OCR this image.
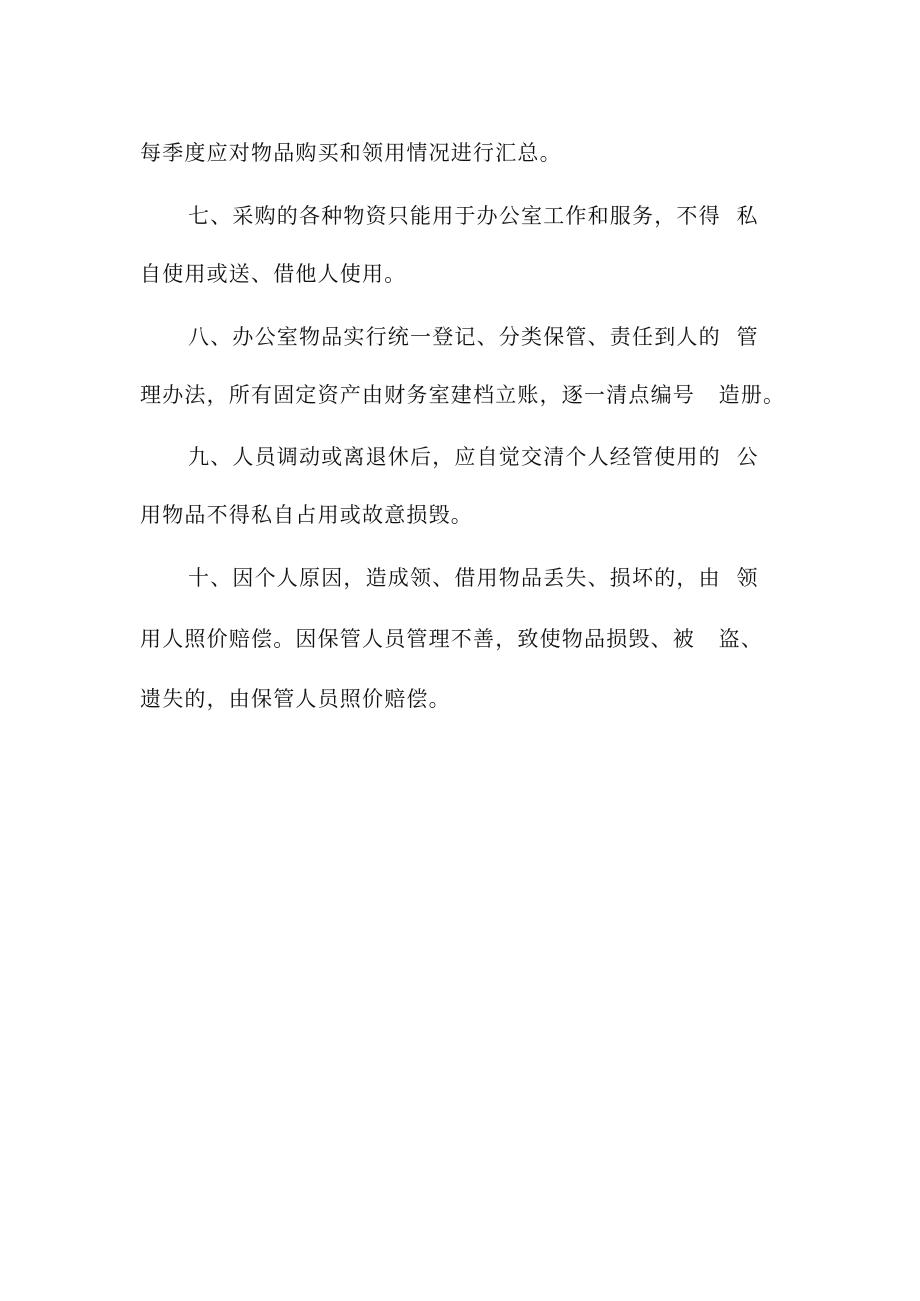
每季度应对物品购买和领用情况进行汇总。
七、采购的各种物资只能用于办公室工作和服务，不得  私
自使用或送、借他人使用。
八、办公室物品实行统一登记、分类保管、责任到人的  管
理办法，所有固定资产由财务室建档立账，逐一清点编号   造册。
九、人员调动或离退休后，应自觉交清个人经管使用的  公
用物品不得私自占用或故意损毁。
十、因个人原因，造成领、借用物品丢失、损坏的，由  领
用人照价赔偿。因保管人员管理不善，致使物品损毁、被   盗、
遗失的，由保管人员照价赔偿。
